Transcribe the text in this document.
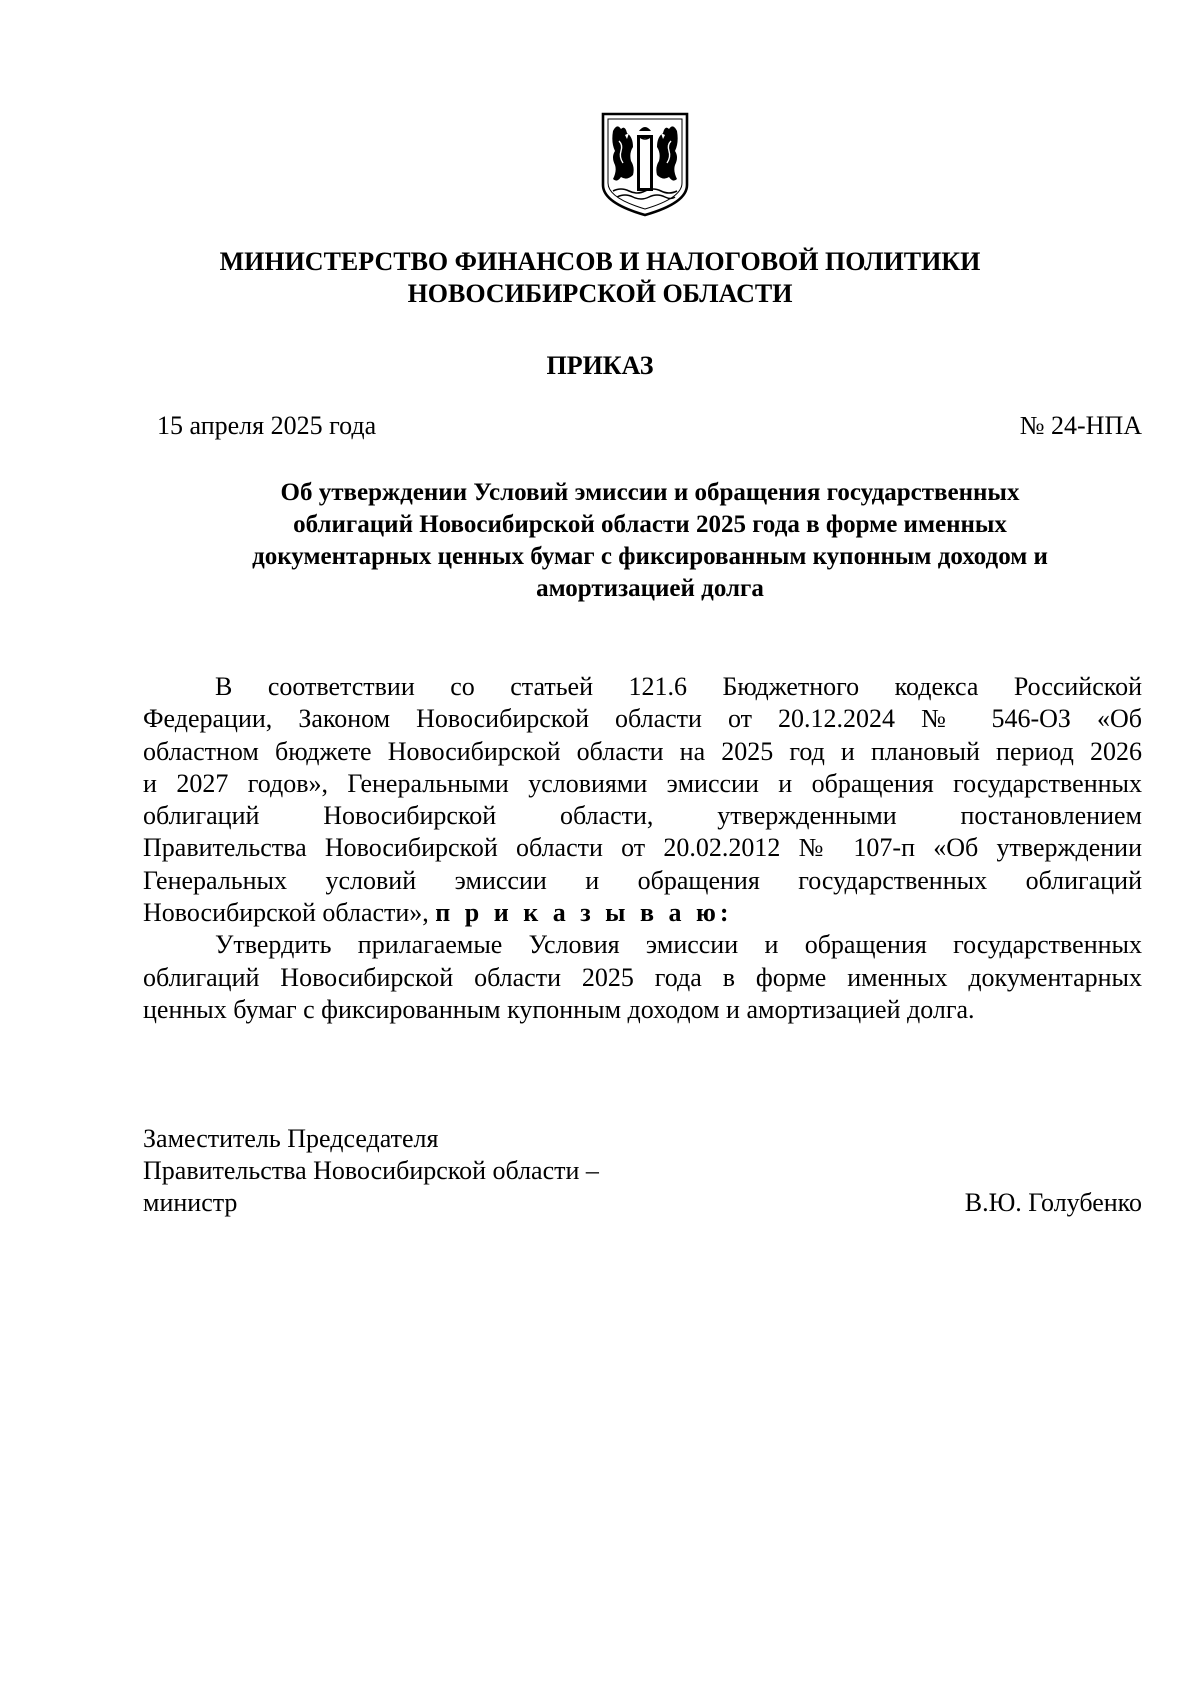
МИНИСТЕРСТВО ФИНАНСОВ И НАЛОГОВОЙ ПОЛИТИКИ
НОВОСИБИРСКОЙ ОБЛАСТИ
ПРИКАЗ
15 апреля 2025 года	№ 24-НПА
Об утверждении Условий эмиссии и обращения государственных
облигаций Новосибирской области 2025 года в форме именных
документарных ценных бумаг с фиксированным купонным доходом и
амортизацией долга
В соответствии со статьей 121.6 Бюджетного кодекса Российской
Федерации, Законом Новосибирской области от 20.12.2024 № 546-ОЗ «Об
областном бюджете Новосибирской области на 2025 год и плановый период 2026
и 2027 годов», Генеральными условиями эмиссии и обращения государственных
облигаций Новосибирской области, утвержденными постановлением
Правительства Новосибирской области от 20.02.2012 № 107-п «Об утверждении
Генеральных условий эмиссии и обращения государственных облигаций
Новосибирской области», п р и к а з ы в а ю:
Утвердить прилагаемые Условия эмиссии и обращения государственных
облигаций Новосибирской области 2025 года в форме именных документарных
ценных бумаг с фиксированным купонным доходом и амортизацией долга.
Заместитель Председателя
Правительства Новосибирской области –
министр	В.Ю. Голубенко
